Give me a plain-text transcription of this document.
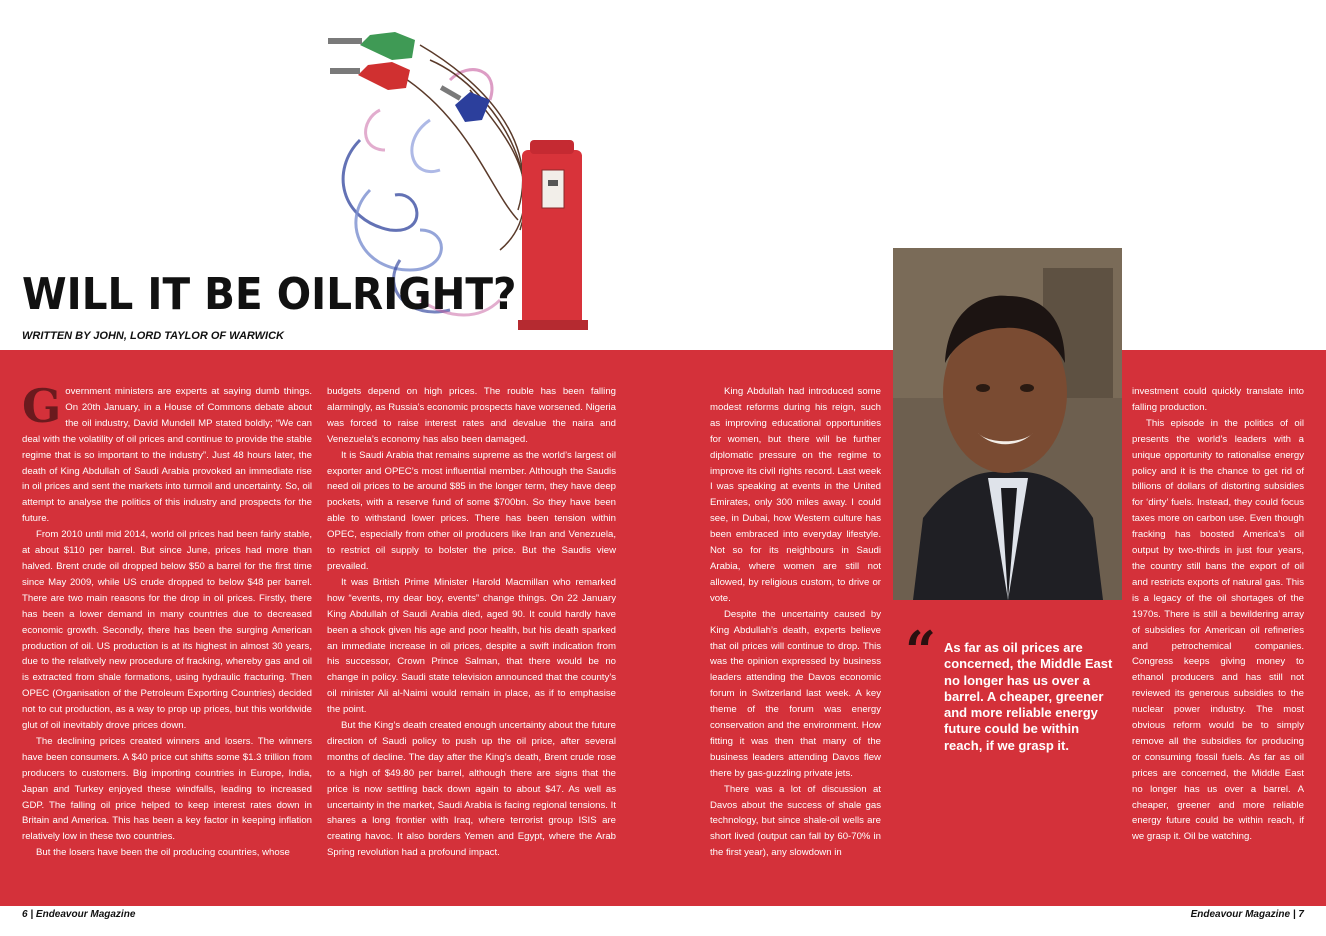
WILL IT BE OILRIGHT?

WRITTEN BY JOHN, LORD TAYLOR OF WARWICK

Government ministers are experts at saying dumb things. On 20th January, in a House of Commons debate about the oil industry, David Mundell MP stated boldly; “We can deal with the volatility of oil prices and continue to provide the stable regime that is so important to the industry”. Just 48 hours later, the death of King Abdullah of Saudi Arabia provoked an immediate rise in oil prices and sent the markets into turmoil and uncertainty. So, oil attempt to analyse the politics of this industry and prospects for the future.

From 2010 until mid 2014, world oil prices had been fairly stable, at about $110 per barrel. But since June, prices had more than halved. Brent crude oil dropped below $50 a barrel for the first time since May 2009, while US crude dropped to below $48 per barrel. There are two main reasons for the drop in oil prices. Firstly, there has been a lower demand in many countries due to decreased economic growth. Secondly, there has been the surging American production of oil. US production is at its highest in almost 30 years, due to the relatively new procedure of fracking, whereby gas and oil is extracted from shale formations, using hydraulic fracturing. Then OPEC (Organisation of the Petroleum Exporting Countries) decided not to cut production, as a way to prop up prices, but this worldwide glut of oil inevitably drove prices down.

The declining prices created winners and losers. The winners have been consumers. A $40 price cut shifts some $1.3 trillion from producers to customers. Big importing countries in Europe, India, Japan and Turkey enjoyed these windfalls, leading to increased GDP. The falling oil price helped to keep interest rates down in Britain and America. This has been a key factor in keeping inflation relatively low in these two countries.

But the losers have been the oil producing countries, whose

budgets depend on high prices. The rouble has been falling alarmingly, as Russia’s economic prospects have worsened. Nigeria was forced to raise interest rates and devalue the naira and Venezuela’s economy has also been damaged.

It is Saudi Arabia that remains supreme as the world’s largest oil exporter and OPEC’s most influential member. Although the Saudis need oil prices to be around $85 in the longer term, they have deep pockets, with a reserve fund of some $700bn. So they have been able to withstand lower prices. There has been tension within OPEC, especially from other oil producers like Iran and Venezuela, to restrict oil supply to bolster the price. But the Saudis view prevailed.

It was British Prime Minister Harold Macmillan who remarked how “events, my dear boy, events” change things. On 22 January King Abdullah of Saudi Arabia died, aged 90. It could hardly have been a shock given his age and poor health, but his death sparked an immediate increase in oil prices, despite a swift indication from his successor, Crown Prince Salman, that there would be no change in policy. Saudi state television announced that the county’s oil minister Ali al-Naimi would remain in place, as if to emphasise the point.

But the King’s death created enough uncertainty about the future direction of Saudi policy to push up the oil price, after several months of decline. The day after the King’s death, Brent crude rose to a high of $49.80 per barrel, although there are signs that the price is now settling back down again to about $47. As well as uncertainty in the market, Saudi Arabia is facing regional tensions. It shares a long frontier with Iraq, where terrorist group ISIS are creating havoc. It also borders Yemen and Egypt, where the Arab Spring revolution had a profound impact.

King Abdullah had introduced some modest reforms during his reign, such as improving educational opportunities for women, but there will be further diplomatic pressure on the regime to improve its civil rights record. Last week I was speaking at events in the United Emirates, only 300 miles away. I could see, in Dubai, how Western culture has been embraced into everyday lifestyle. Not so for its neighbours in Saudi Arabia, where women are still not allowed, by religious custom, to drive or vote.

Despite the uncertainty caused by King Abdullah’s death, experts believe that oil prices will continue to drop. This was the opinion expressed by business leaders attending the Davos economic forum in Switzerland last week. A key theme of the forum was energy conservation and the environment. How fitting it was then that many of the business leaders attending Davos flew there by gas-guzzling private jets.

There was a lot of discussion at Davos about the success of shale gas technology, but since shale-oil wells are short lived (output can fall by 60-70% in the first year), any slowdown in

investment could quickly translate into falling production.

This episode in the politics of oil presents the world’s leaders with a unique opportunity to rationalise energy policy and it is the chance to get rid of billions of dollars of distorting subsidies for ‘dirty’ fuels. Instead, they could focus taxes more on carbon use. Even though fracking has boosted America’s oil output by two-thirds in just four years, the country still bans the export of oil and restricts exports of natural gas. This is a legacy of the oil shortages of the 1970s. There is still a bewildering array of subsidies for American oil refineries and petrochemical companies. Congress keeps giving money to ethanol producers and has still not reviewed its generous subsidies to the nuclear power industry. The most obvious reform would be to simply remove all the subsidies for producing or consuming fossil fuels. As far as oil prices are concerned, the Middle East no longer has us over a barrel. A cheaper, greener and more reliable energy future could be within reach, if we grasp it. Oil be watching.

“ As far as oil prices are concerned, the Middle East no longer has us over a barrel. A cheaper, greener and more reliable energy future could be within reach, if we grasp it.

6 | Endeavour Magazine	Endeavour Magazine | 7
